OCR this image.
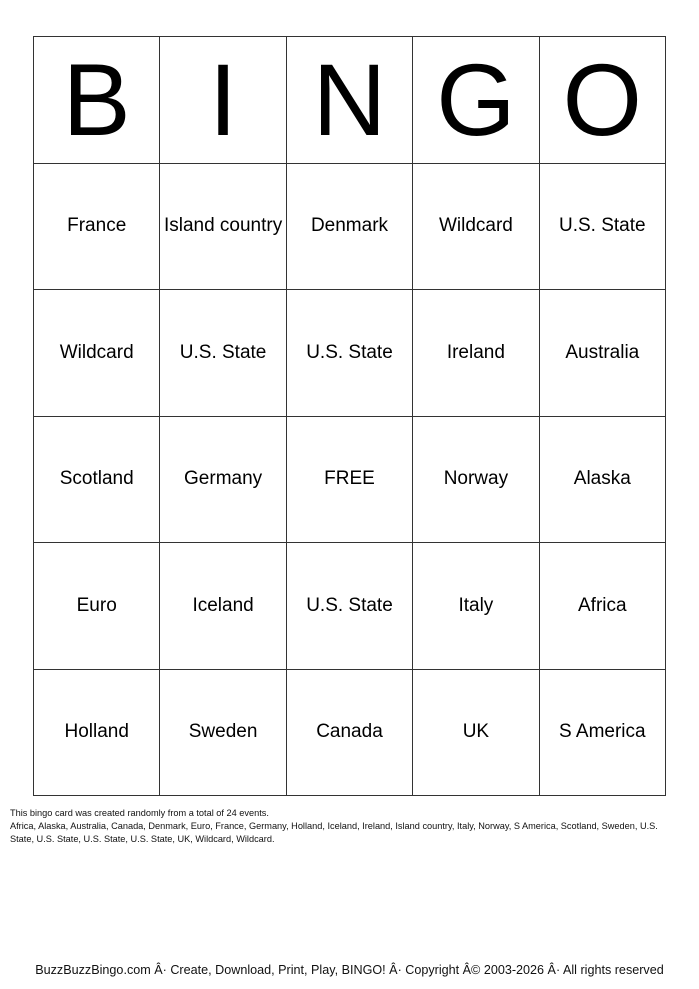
B I N G O
France	Island country	Denmark	Wildcard	U.S. State
Wildcard	U.S. State	U.S. State	Ireland	Australia
Scotland	Germany	FREE	Norway	Alaska
Euro	Iceland	U.S. State	Italy	Africa
Holland	Sweden	Canada	UK	S America
This bingo card was created randomly from a total of 24 events.
Africa, Alaska, Australia, Canada, Denmark, Euro, France, Germany, Holland, Iceland, Ireland, Island country, Italy, Norway, S America, Scotland, Sweden, U.S. State, U.S. State, U.S. State, U.S. State, UK, Wildcard, Wildcard.
BuzzBuzzBingo.com Â· Create, Download, Print, Play, BINGO! Â· Copyright Â© 2003-2026 Â· All rights reserved
